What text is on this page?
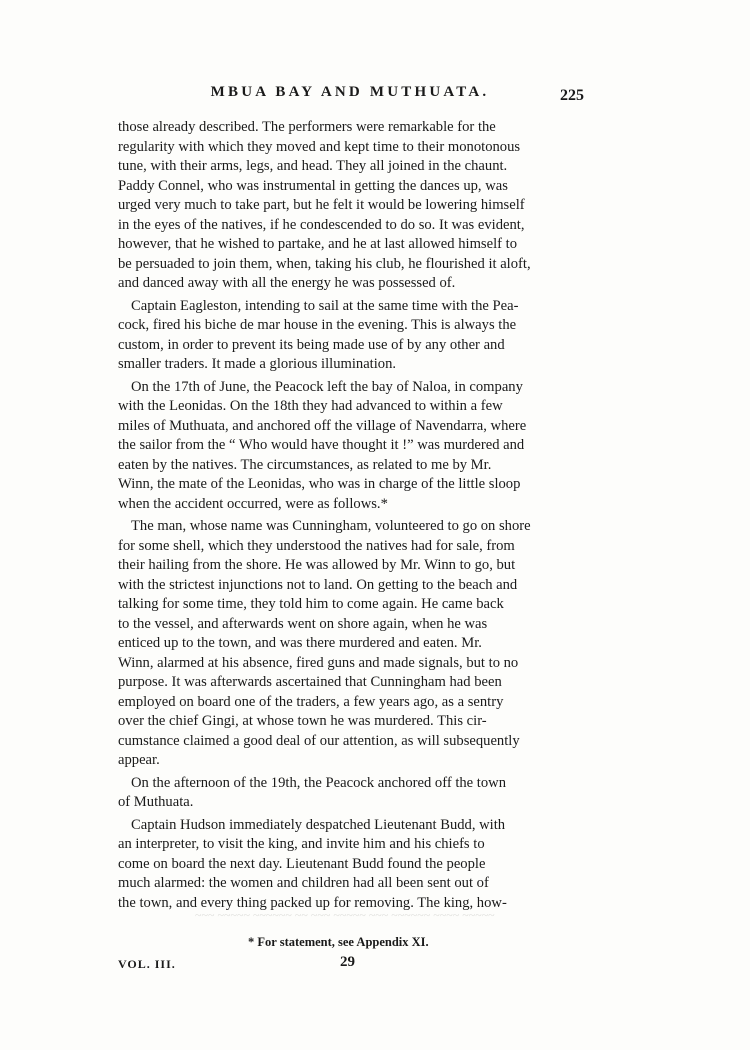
MBUA BAY AND MUTHUATA.	225

those already described. The performers were remarkable for the
regularity with which they moved and kept time to their monotonous
tune, with their arms, legs, and head. They all joined in the chaunt.
Paddy Connel, who was instrumental in getting the dances up, was
urged very much to take part, but he felt it would be lowering himself
in the eyes of the natives, if he condescended to do so. It was evident,
however, that he wished to partake, and he at last allowed himself to
be persuaded to join them, when, taking his club, he flourished it aloft,
and danced away with all the energy he was possessed of.

Captain Eagleston, intending to sail at the same time with the Pea-
cock, fired his biche de mar house in the evening. This is always the
custom, in order to prevent its being made use of by any other and
smaller traders. It made a glorious illumination.

On the 17th of June, the Peacock left the bay of Naloa, in company
with the Leonidas. On the 18th they had advanced to within a few
miles of Muthuata, and anchored off the village of Navendarra, where
the sailor from the “ Who would have thought it !” was murdered and
eaten by the natives. The circumstances, as related to me by Mr.
Winn, the mate of the Leonidas, who was in charge of the little sloop
when the accident occurred, were as follows.*

The man, whose name was Cunningham, volunteered to go on shore
for some shell, which they understood the natives had for sale, from
their hailing from the shore. He was allowed by Mr. Winn to go, but
with the strictest injunctions not to land. On getting to the beach and
talking for some time, they told him to come again. He came back
to the vessel, and afterwards went on shore again, when he was
enticed up to the town, and was there murdered and eaten. Mr.
Winn, alarmed at his absence, fired guns and made signals, but to no
purpose. It was afterwards ascertained that Cunningham had been
employed on board one of the traders, a few years ago, as a sentry
over the chief Gingi, at whose town he was murdered. This cir-
cumstance claimed a good deal of our attention, as will subsequently
appear.

On the afternoon of the 19th, the Peacock anchored off the town
of Muthuata.

Captain Hudson immediately despatched Lieutenant Budd, with
an interpreter, to visit the king, and invite him and his chiefs to
come on board the next day. Lieutenant Budd found the people
much alarmed: the women and children had all been sent out of
the town, and every thing packed up for removing. The king, how-

~~~ ~~~~~ ~~~~~~ ~~ ~~~ ~~~~~ ~~~ ~~~~~~ ~~~~ ~~~~~
* For statement, see Appendix XI.
VOL. III.	29
